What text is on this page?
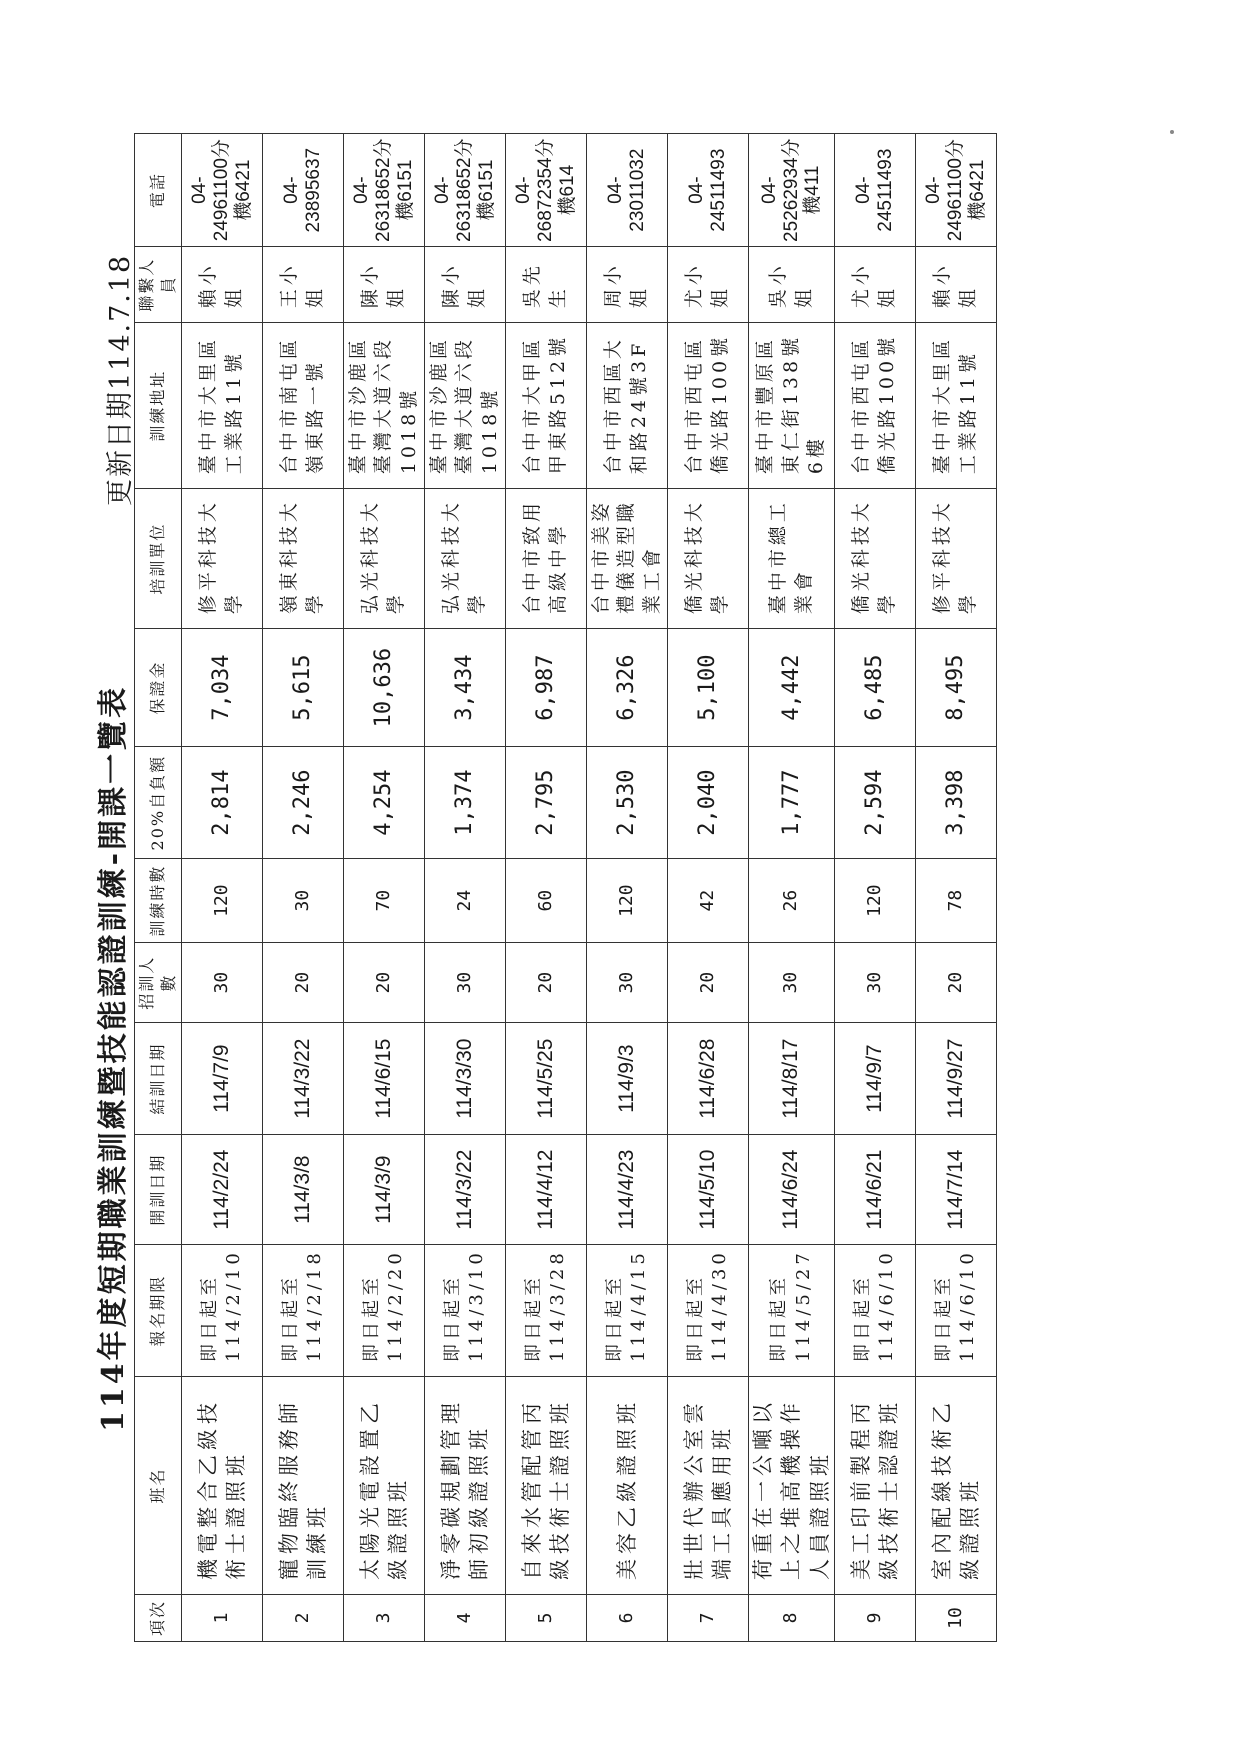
114年度短期職業訓練暨技能認證訓練-開課一覽表
更新日期114.7.18
項次	班名	報名期限	開訓日期	結訓日期	招訓人數	訓練時數	20%自負額	保證金	培訓單位	訓練地址	聯繫人員	電話
1	機電整合乙級技術士證照班	即日起至114/2/10	114/2/24	114/7/9	30	120	2,814	7,034	修平科技大學	臺中市大里區工業路11號	賴小姐	04-24961100分機6421
2	寵物臨終服務師訓練班	即日起至114/2/18	114/3/8	114/3/22	20	30	2,246	5,615	嶺東科技大學	台中市南屯區嶺東路一號	王小姐	04-23895637
3	太陽光電設置乙級證照班	即日起至114/2/20	114/3/9	114/6/15	20	70	4,254	10,636	弘光科技大學	臺中市沙鹿區臺灣大道六段1018號	陳小姐	04-26318652分機6151
4	淨零碳規劃管理師初級證照班	即日起至114/3/10	114/3/22	114/3/30	30	24	1,374	3,434	弘光科技大學	臺中市沙鹿區臺灣大道六段1018號	陳小姐	04-26318652分機6151
5	自來水管配管丙級技術士證照班	即日起至114/3/28	114/4/12	114/5/25	20	60	2,795	6,987	台中市致用高級中學	台中市大甲區甲東路512號	吳先生	04-26872354分機614
6	美容乙級證照班	即日起至114/4/15	114/4/23	114/9/3	30	120	2,530	6,326	台中市美姿禮儀造型職業工會	台中市西區大和路24號3F	周小姐	04-23011032
7	壯世代辦公室雲端工具應用班	即日起至114/4/30	114/5/10	114/6/28	20	42	2,040	5,100	僑光科技大學	台中市西屯區僑光路100號	尤小姐	04-24511493
8	荷重在一公噸以上之堆高機操作人員證照班	即日起至114/5/27	114/6/24	114/8/17	30	26	1,777	4,442	臺中市總工業會	臺中市豐原區東仁街138號6樓	吳小姐	04-25262934分機411
9	美工印前製程丙級技術士認證班	即日起至114/6/10	114/6/21	114/9/7	30	120	2,594	6,485	僑光科技大學	台中市西屯區僑光路100號	尤小姐	04-24511493
10	室內配線技術乙級證照班	即日起至114/6/10	114/7/14	114/9/27	20	78	3,398	8,495	修平科技大學	臺中市大里區工業路11號	賴小姐	04-24961100分機6421
